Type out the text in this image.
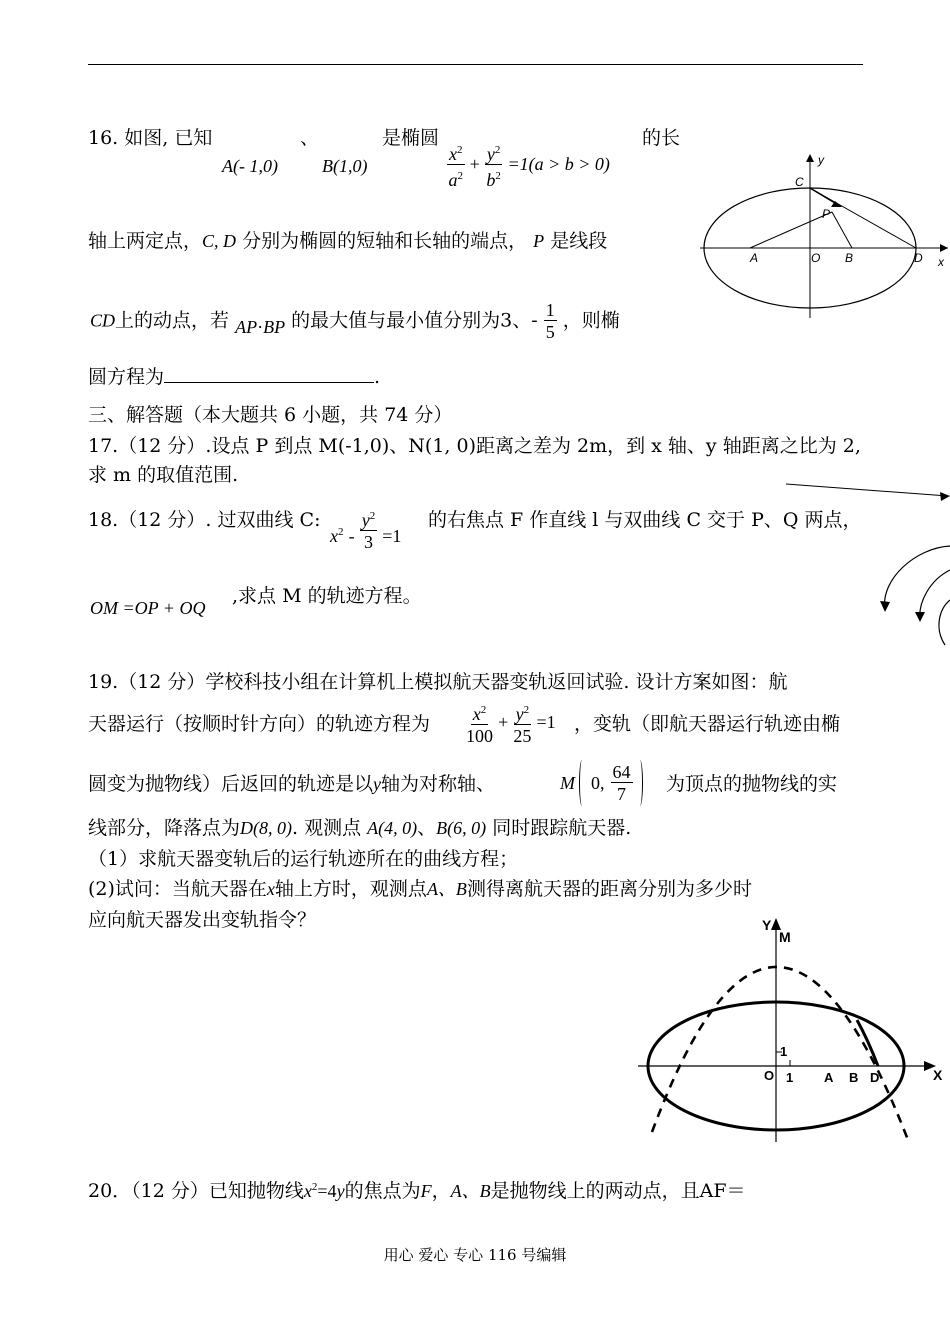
16. 如图, 已知
A(- 1,0)
、
B(1,0)
是椭圆
$\frac{x^2}{a^2} + \frac{y^2}{b^2} =1(a > b > 0)$
的长
轴上两定点，C, D 分别为椭圆的短轴和长轴的端点， P 是线段
CD上的动点，若 AP·BP 的最大值与最小值分别为3、- $\frac{1}{5}$ ，则椭
圆方程为	.
y
x
C
P
A	O B	D
三、解答题（本大题共 6 小题，共 74 分）
17.（12 分）.设点 P 到点 M(-1,0)、N(1, 0)距离之差为 2m，到 x 轴、y 轴距离之比为 2,
求 m 的取值范围.
18.（12 分）. 过双曲线 C:
$x^2 - \frac{y^2}{3} =1$
的右焦点 F 作直线 l 与双曲线 C 交于 P、Q 两点，
OM =OP + OQ
,求点 M 的轨迹方程。
19.（12 分）学校科技小组在计算机上模拟航天器变轨返回试验. 设计方案如图：航
天器运行（按顺时针方向）的轨迹方程为 $\frac{x^2}{100} + \frac{y^2}{25} =1$ ，变轨（即航天器运行轨迹由椭
圆变为抛物线）后返回的轨迹是以y轴为对称轴、	M 0, $\frac{64}{7}$ 为顶点的抛物线的实
线部分，降落点为D(8, 0). 观测点 A(4, 0)、B(6, 0) 同时跟踪航天器.
（1）求航天器变轨后的运行轨迹所在的曲线方程；
(2)试问：当航天器在x轴上方时，观测点A、B测得离航天器的距离分别为多少时
应向航天器发出变轨指令？	Y
M
X
1
O 1 A B D
20．（12 分）已知抛物线$x^2=4y$的焦点为F，A、B是抛物线上的两动点，且AF＝
用心 爱心 专心 116 号编辑
